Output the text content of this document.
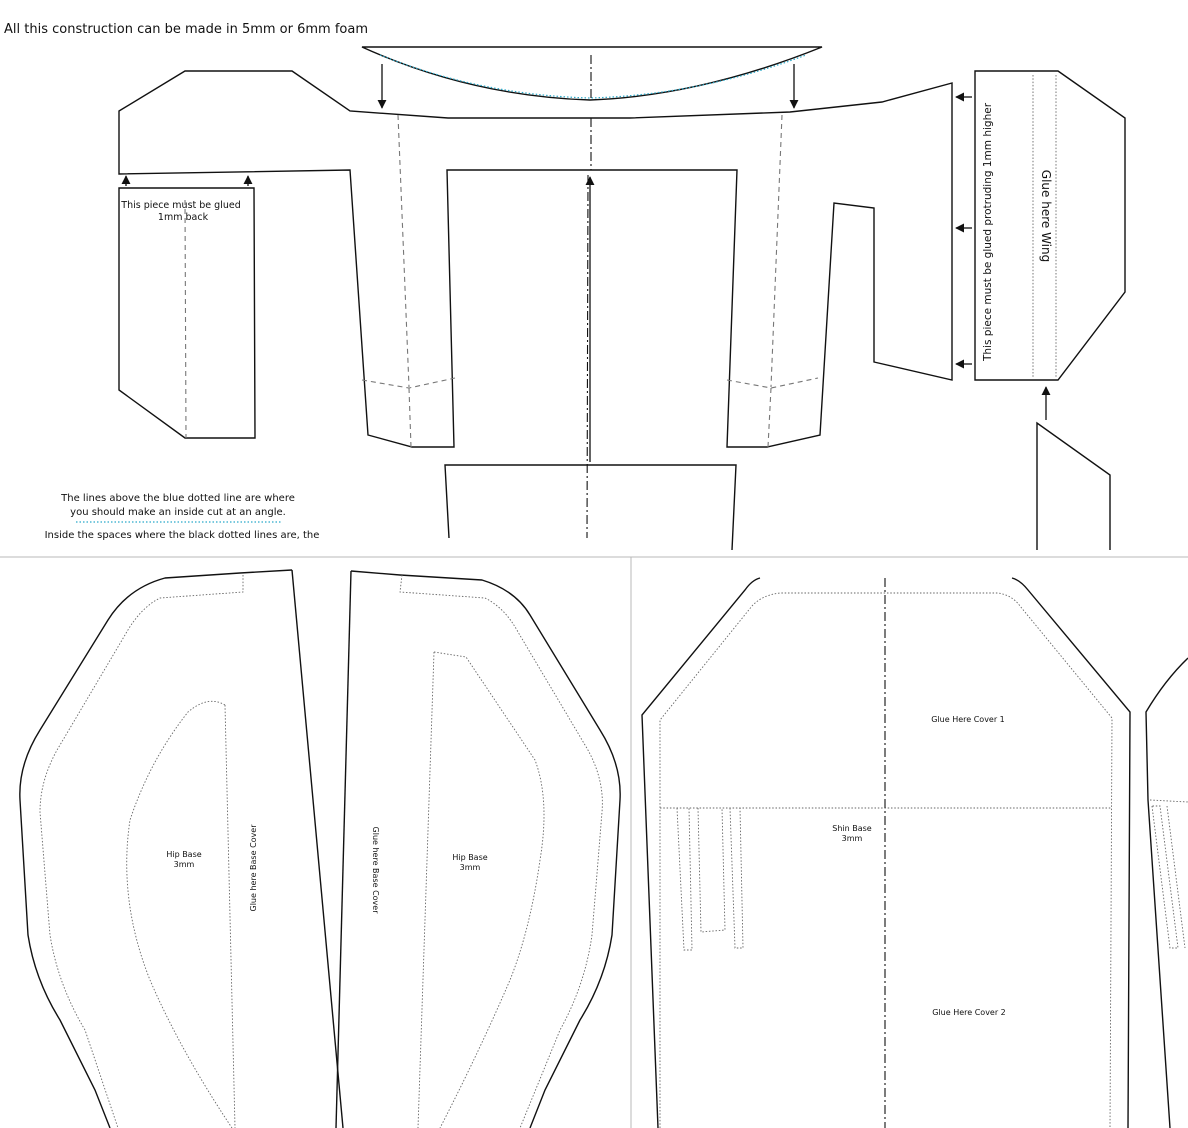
All this construction can be made in 5mm or 6mm foam
This piece must be glued
1mm back	This piece must be glued protruding 1mm higher	Glue here Wing
The lines above the blue dotted line are where
you should make an inside cut at an angle.
Inside the spaces where the black dotted lines are, the
Hip Base
3mm	Glue here Base Cover	Hip Base
3mm
Glue here Base Cover
Glue Here Cover 1
Shin Base
3mm
Glue Here Cover 2
